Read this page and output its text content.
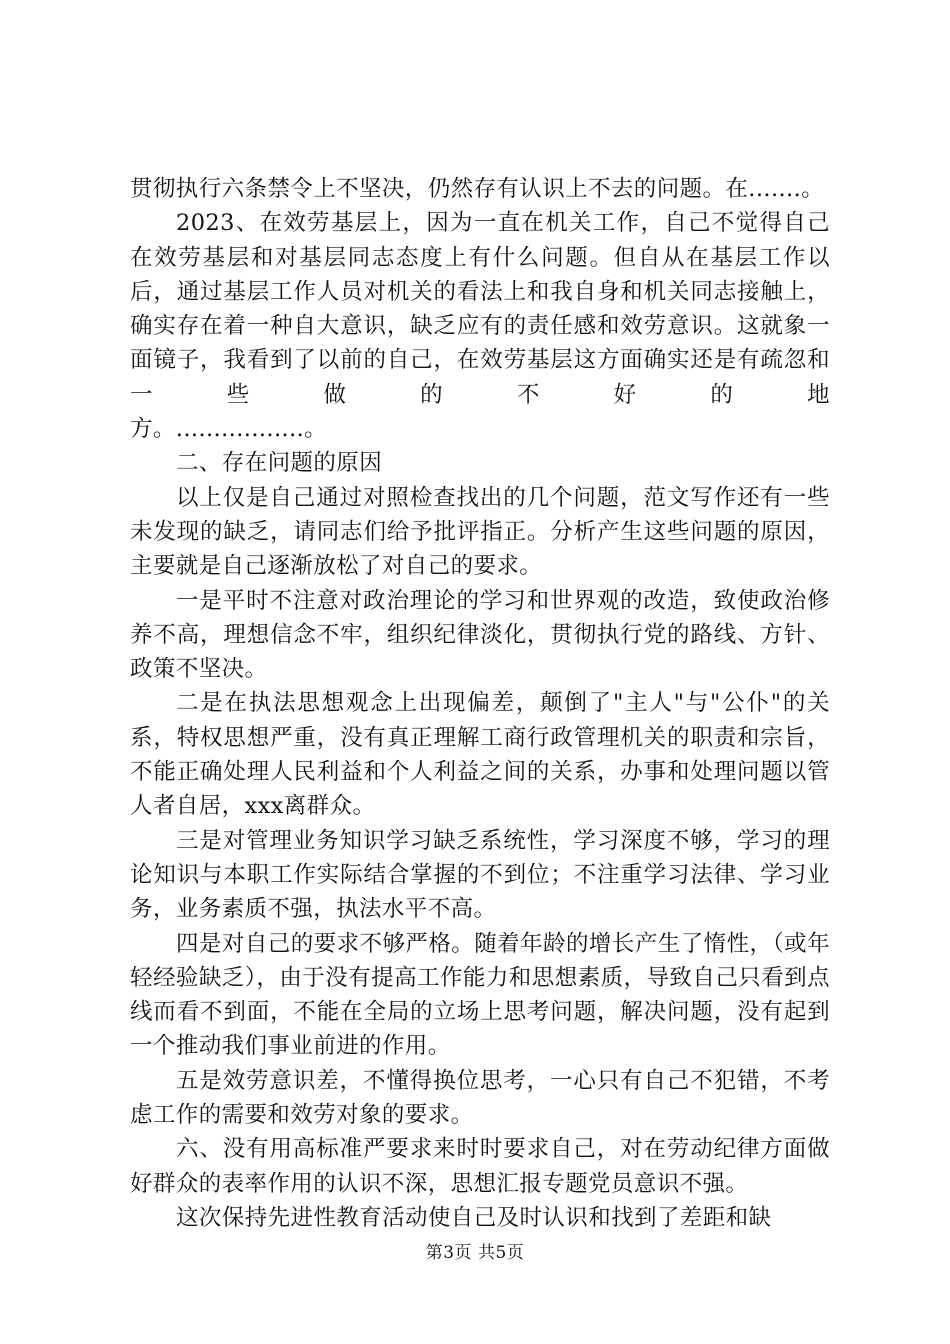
贯彻执行六条禁令上不坚决，仍然存有认识上不去的问题。在.......。

2023、在效劳基层上，因为一直在机关工作，自己不觉得自己在效劳基层和对基层同志态度上有什么问题。但自从在基层工作以后，通过基层工作人员对机关的看法上和我自身和机关同志接触上，确实存在着一种自大意识，缺乏应有的责任感和效劳意识。这就象一面镜子，我看到了以前的自己，在效劳基层这方面确实还是有疏忽和一些做的不好的地

方。.................。

二、存在问题的原因

以上仅是自己通过对照检查找出的几个问题，范文写作还有一些未发现的缺乏，请同志们给予批评指正。分析产生这些问题的原因，主要就是自己逐渐放松了对自己的要求。

一是平时不注意对政治理论的学习和世界观的改造，致使政治修养不高，理想信念不牢，组织纪律淡化，贯彻执行党的路线、方针、政策不坚决。

二是在执法思想观念上出现偏差，颠倒了"主人"与"公仆"的关系，特权思想严重，没有真正理解工商行政管理机关的职责和宗旨，不能正确处理人民利益和个人利益之间的关系，办事和处理问题以管人者自居，xxx离群众。

三是对管理业务知识学习缺乏系统性，学习深度不够，学习的理论知识与本职工作实际结合掌握的不到位；不注重学习法律、学习业务，业务素质不强，执法水平不高。

四是对自己的要求不够严格。随着年龄的增长产生了惰性，（或年轻经验缺乏），由于没有提高工作能力和思想素质，导致自己只看到点线而看不到面，不能在全局的立场上思考问题，解决问题，没有起到一个推动我们事业前进的作用。

五是效劳意识差，不懂得换位思考，一心只有自己不犯错，不考虑工作的需要和效劳对象的要求。

六、没有用高标准严要求来时时要求自己，对在劳动纪律方面做好群众的表率作用的认识不深，思想汇报专题党员意识不强。

这次保持先进性教育活动使自己及时认识和找到了差距和缺

第3页 共5页
